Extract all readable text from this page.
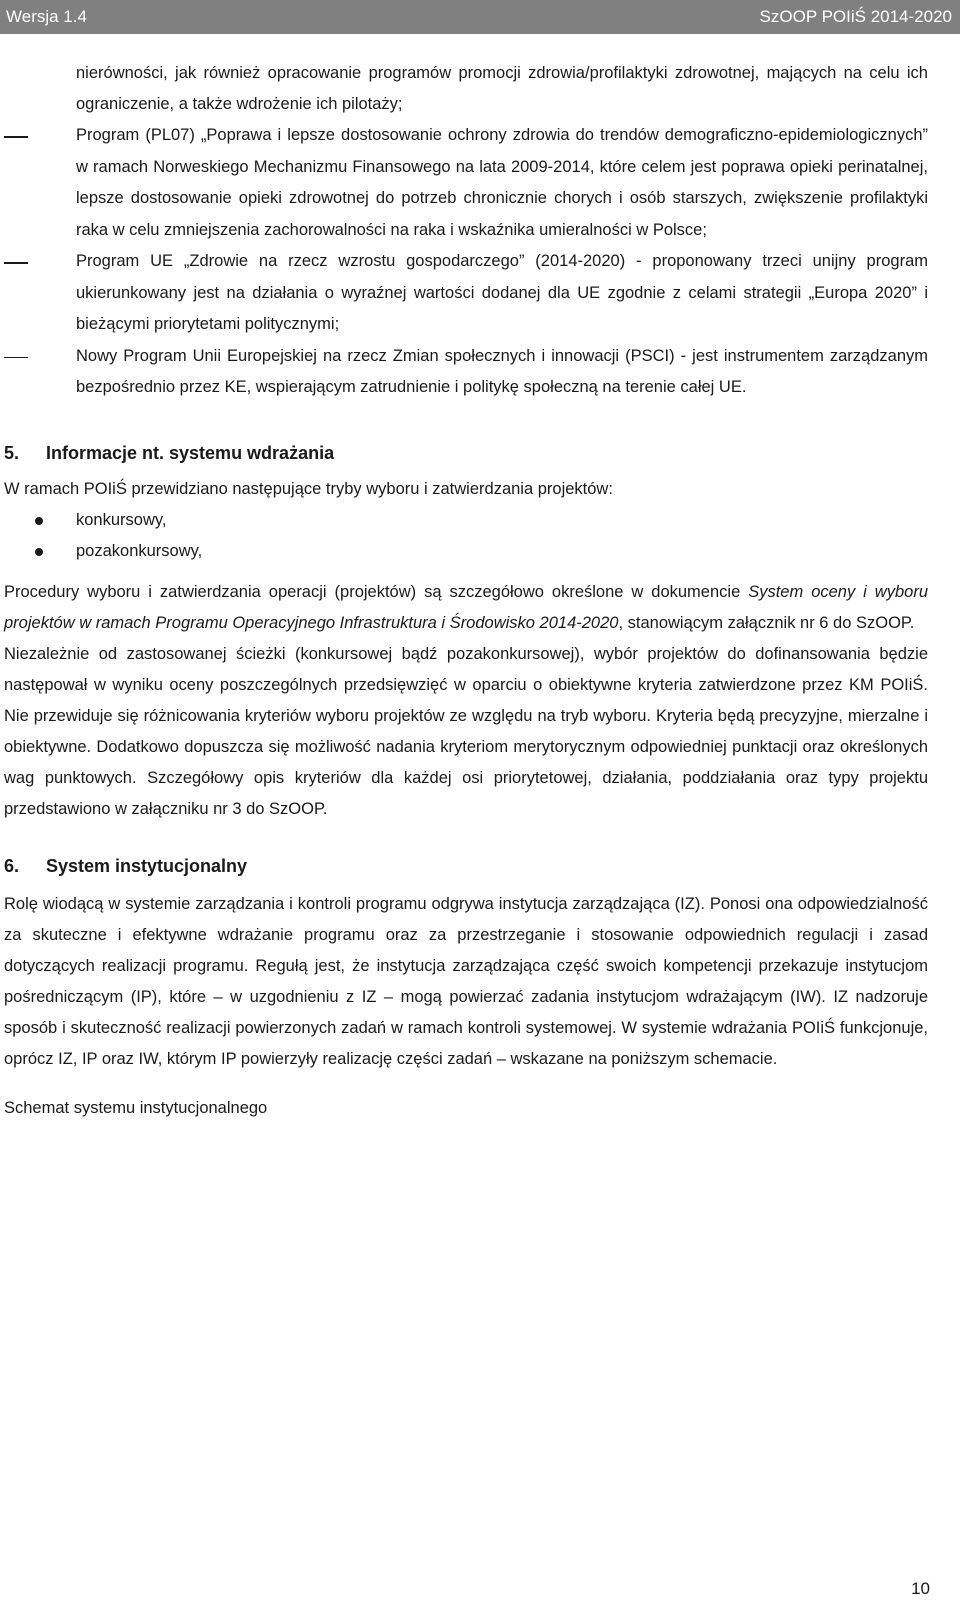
Wersja 1.4	SzOOP POIiŚ 2014-2020

nierówności, jak również opracowanie programów promocji zdrowia/profilaktyki zdrowotnej, mających na celu ich ograniczenie, a także wdrożenie ich pilotaży;

Program (PL07) „Poprawa i lepsze dostosowanie ochrony zdrowia do trendów demograficzno-epidemiologicznych” w ramach Norweskiego Mechanizmu Finansowego na lata 2009-2014, które celem jest poprawa opieki perinatalnej, lepsze dostosowanie opieki zdrowotnej do potrzeb chronicznie chorych i osób starszych, zwiększenie profilaktyki raka w celu zmniejszenia zachorowalności na raka i wskaźnika umieralności w Polsce;
Program UE „Zdrowie na rzecz wzrostu gospodarczego” (2014-2020) - proponowany trzeci unijny program ukierunkowany jest na działania o wyraźnej wartości dodanej dla UE zgodnie z celami strategii „Europa 2020” i bieżącymi priorytetami politycznymi;
Nowy Program Unii Europejskiej na rzecz Zmian społecznych i innowacji (PSCI) - jest instrumentem zarządzanym bezpośrednio przez KE, wspierającym zatrudnienie i politykę społeczną na terenie całej UE.
5. Informacje nt. systemu wdrażania

W ramach POIiŚ przewidziano następujące tryby wyboru i zatwierdzania projektów:

konkursowy,
pozakonkursowy,

Procedury wyboru i zatwierdzania operacji (projektów) są szczegółowo określone w dokumencie System oceny i wyboru projektów w ramach Programu Operacyjnego Infrastruktura i Środowisko 2014-2020, stanowiącym załącznik nr 6 do SzOOP.

Niezależnie od zastosowanej ścieżki (konkursowej bądź pozakonkursowej), wybór projektów do dofinansowania będzie następował w wyniku oceny poszczególnych przedsięwzięć w oparciu o obiektywne kryteria zatwierdzone przez KM POIiŚ. Nie przewiduje się różnicowania kryteriów wyboru projektów ze względu na tryb wyboru. Kryteria będą precyzyjne, mierzalne i obiektywne. Dodatkowo dopuszcza się możliwość nadania kryteriom merytorycznym odpowiedniej punktacji oraz określonych wag punktowych. Szczegółowy opis kryteriów dla każdej osi priorytetowej, działania, poddziałania oraz typy projektu przedstawiono w załączniku nr 3 do SzOOP.

6. System instytucjonalny

Rolę wiodącą w systemie zarządzania i kontroli programu odgrywa instytucja zarządzająca (IZ). Ponosi ona odpowiedzialność za skuteczne i efektywne wdrażanie programu oraz za przestrzeganie i stosowanie odpowiednich regulacji i zasad dotyczących realizacji programu. Regułą jest, że instytucja zarządzająca część swoich kompetencji przekazuje instytucjom pośredniczącym (IP), które – w uzgodnieniu z IZ – mogą powierzać zadania instytucjom wdrażającym (IW). IZ nadzoruje sposób i skuteczność realizacji powierzonych zadań w ramach kontroli systemowej. W systemie wdrażania POIiŚ funkcjonuje, oprócz IZ, IP oraz IW, którym IP powierzyły realizację części zadań – wskazane na poniższym schemacie.

Schemat systemu instytucjonalnego

10
